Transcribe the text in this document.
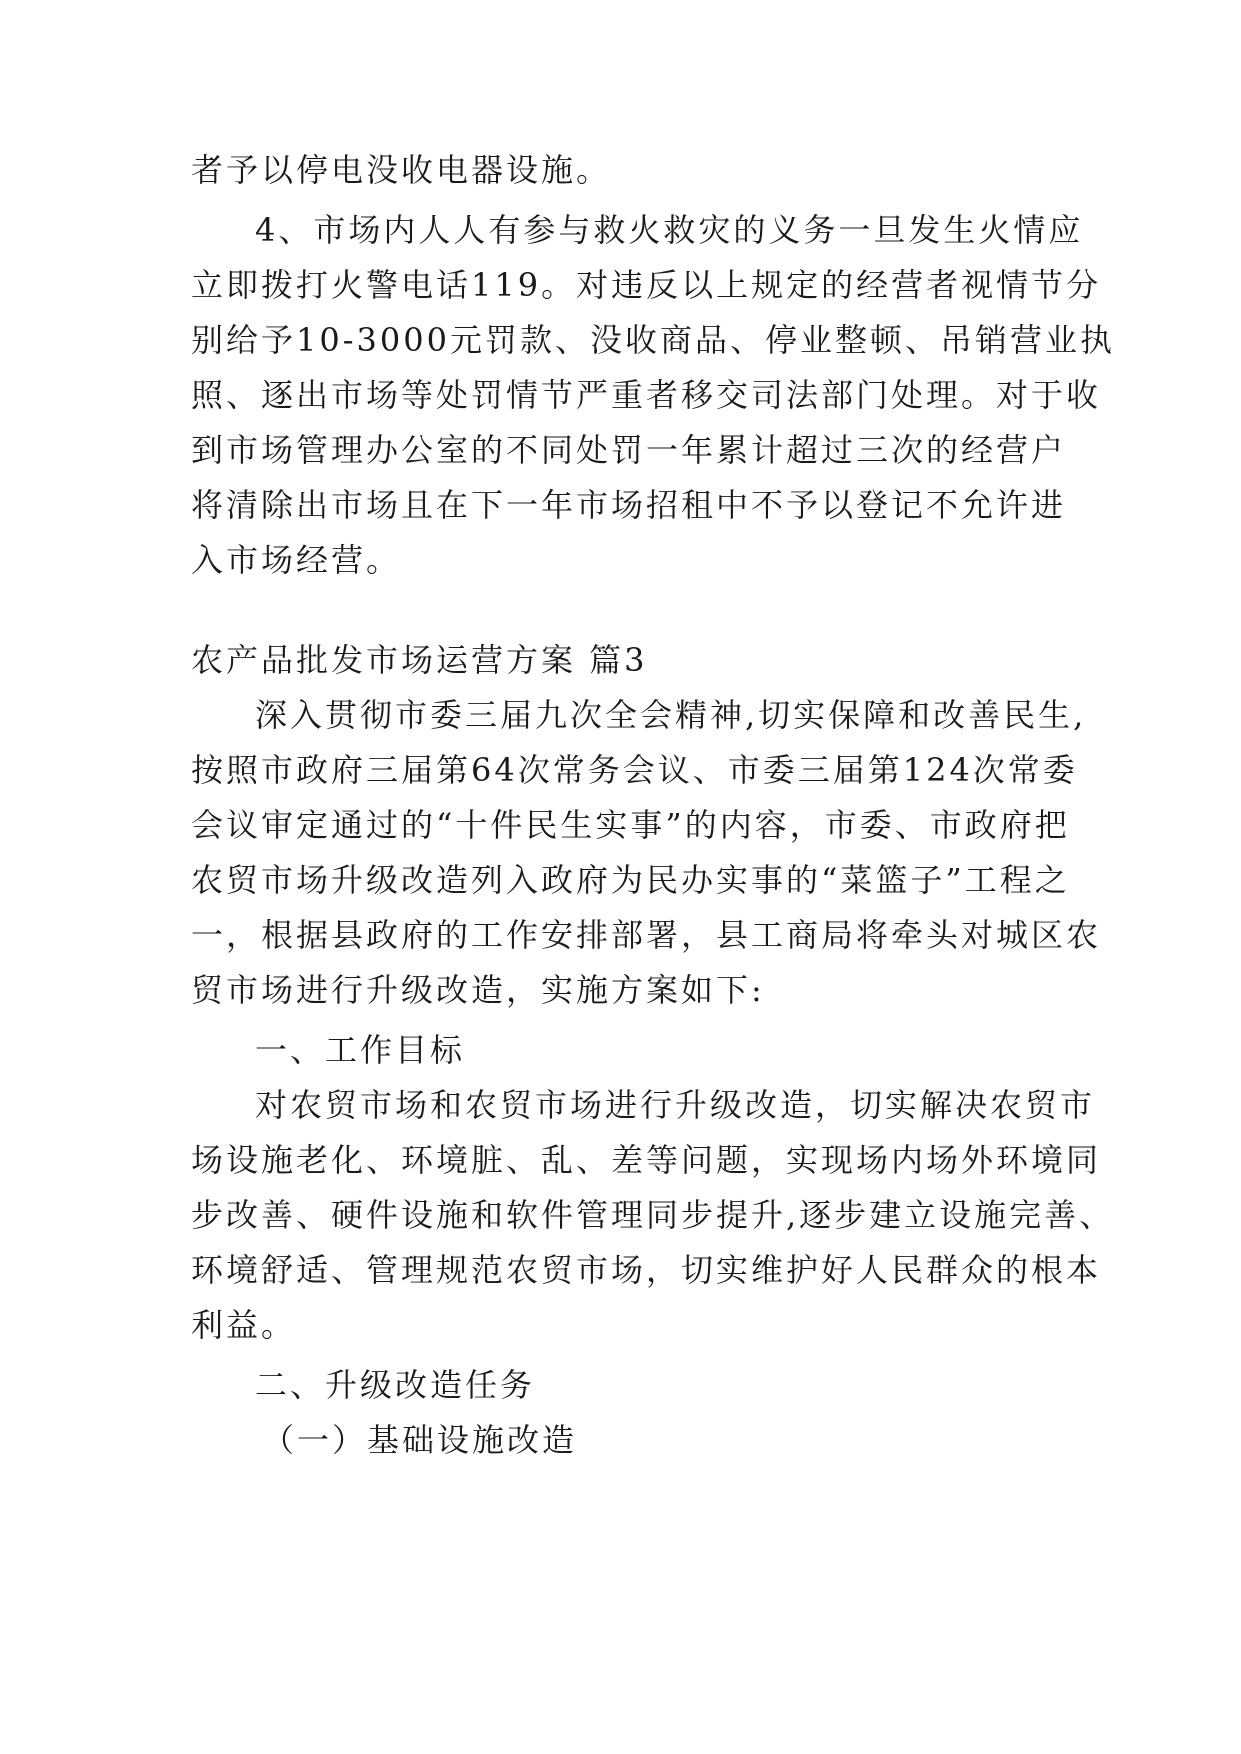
者予以停电没收电器设施。
4、市场内人人有参与救火救灾的义务一旦发生火情应
立即拨打火警电话119。对违反以上规定的经营者视情节分
别给予10-3000元罚款、没收商品、停业整顿、吊销营业执
照、逐出市场等处罚情节严重者移交司法部门处理。对于收
到市场管理办公室的不同处罚一年累计超过三次的经营户
将清除出市场且在下一年市场招租中不予以登记不允许进
入市场经营。
农产品批发市场运营方案 篇3
深入贯彻市委三届九次全会精神,切实保障和改善民生,
按照市政府三届第64次常务会议、市委三届第124次常委
会议审定通过的“十件民生实事”的内容，市委、市政府把
农贸市场升级改造列入政府为民办实事的“菜篮子”工程之
一，根据县政府的工作安排部署，县工商局将牵头对城区农
贸市场进行升级改造，实施方案如下:
一、工作目标
对农贸市场和农贸市场进行升级改造，切实解决农贸市
场设施老化、环境脏、乱、差等问题，实现场内场外环境同
步改善、硬件设施和软件管理同步提升,逐步建立设施完善、
环境舒适、管理规范农贸市场，切实维护好人民群众的根本
利益。
二、升级改造任务
（一）基础设施改造
